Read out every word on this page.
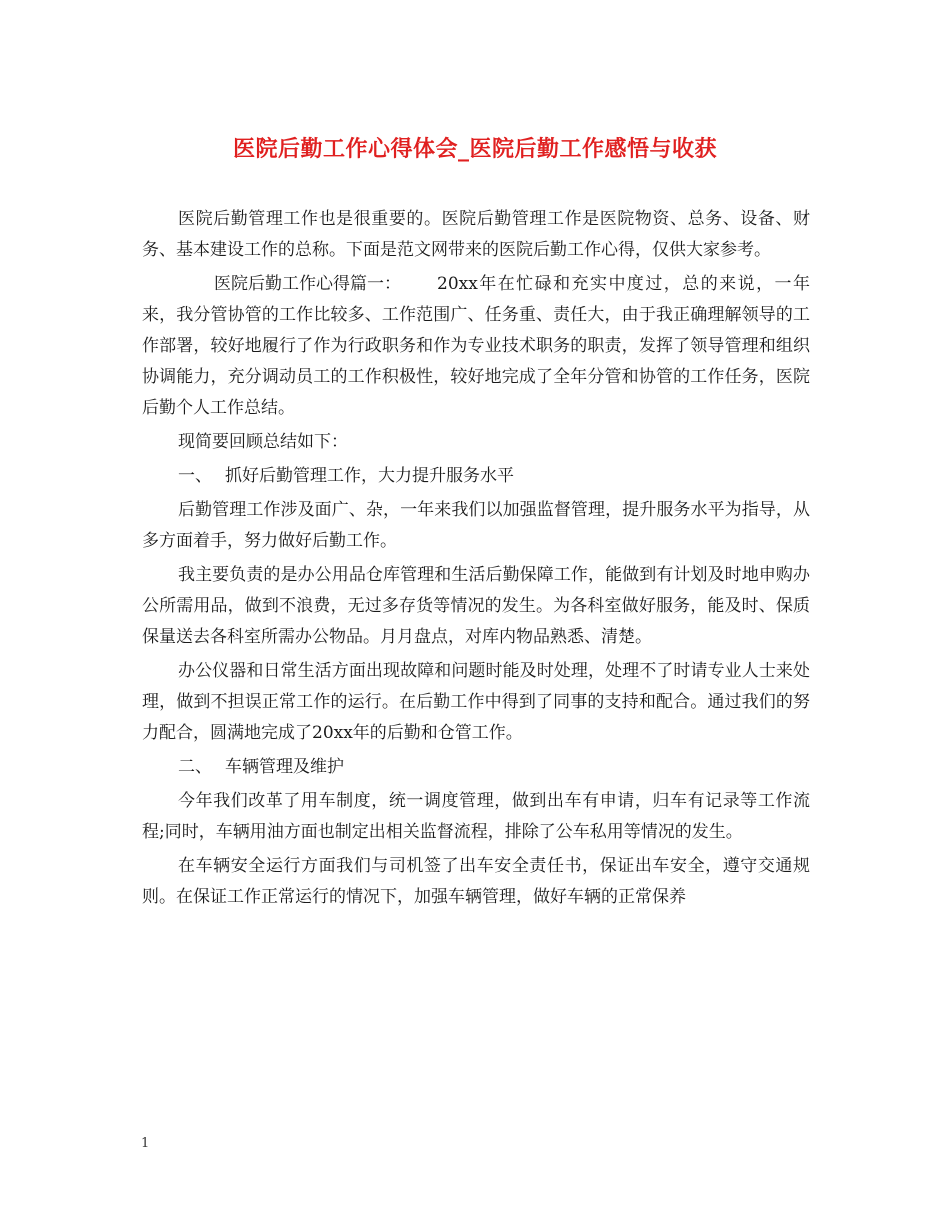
医院后勤工作心得体会_医院后勤工作感悟与收获

医院后勤管理工作也是很重要的。医院后勤管理工作是医院物资、总务、设备、财务、基本建设工作的总称。下面是范文网带来的医院后勤工作心得，仅供大家参考。

医院后勤工作心得篇一： 20xx年在忙碌和充实中度过，总的来说，一年来，我分管协管的工作比较多、工作范围广、任务重、责任大，由于我正确理解领导的工作部署，较好地履行了作为行政职务和作为专业技术职务的职责，发挥了领导管理和组织协调能力，充分调动员工的工作积极性，较好地完成了全年分管和协管的工作任务，医院后勤个人工作总结。

现简要回顾总结如下：

一、 抓好后勤管理工作，大力提升服务水平

后勤管理工作涉及面广、杂，一年来我们以加强监督管理，提升服务水平为指导，从多方面着手，努力做好后勤工作。

我主要负责的是办公用品仓库管理和生活后勤保障工作，能做到有计划及时地申购办公所需用品，做到不浪费，无过多存货等情况的发生。为各科室做好服务，能及时、保质保量送去各科室所需办公物品。月月盘点，对库内物品熟悉、清楚。

办公仪器和日常生活方面出现故障和问题时能及时处理，处理不了时请专业人士来处理，做到不担误正常工作的运行。在后勤工作中得到了同事的支持和配合。通过我们的努力配合，圆满地完成了20xx年的后勤和仓管工作。

二、 车辆管理及维护

今年我们改革了用车制度，统一调度管理，做到出车有申请，归车有记录等工作流程;同时，车辆用油方面也制定出相关监督流程，排除了公车私用等情况的发生。

在车辆安全运行方面我们与司机签了出车安全责任书，保证出车安全，遵守交通规则。在保证工作正常运行的情况下，加强车辆管理，做好车辆的正常保养

1
